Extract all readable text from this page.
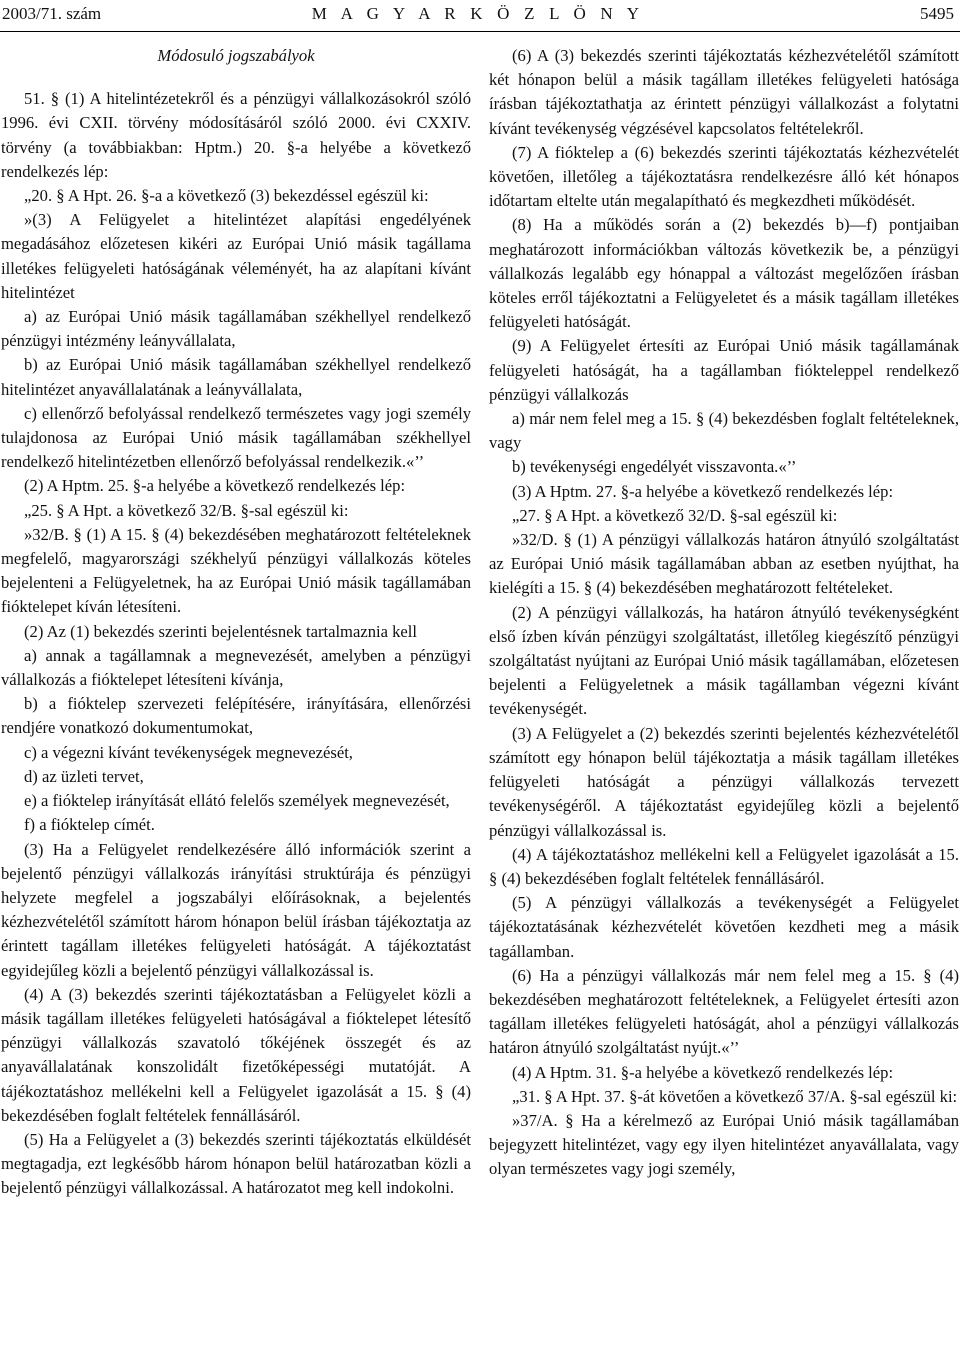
2003/71. szám	M A G Y A R K Ö Z L Ö N Y	5495

Módosuló jogszabályok

51. § (1) A hitelintézetekről és a pénzügyi vállalkozásokról szóló 1996. évi CXII. törvény módosításáról szóló 2000. évi CXXIV. törvény (a továbbiakban: Hptm.) 20. §-a helyébe a következő rendelkezés lép:

„20. § A Hpt. 26. §-a a következő (3) bekezdéssel egészül ki:

»(3) A Felügyelet a hitelintézet alapítási engedélyének megadásához előzetesen kikéri az Európai Unió másik tagállama illetékes felügyeleti hatóságának véleményét, ha az alapítani kívánt hitelintézet

a) az Európai Unió másik tagállamában székhellyel rendelkező pénzügyi intézmény leányvállalata,

b) az Európai Unió másik tagállamában székhellyel rendelkező hitelintézet anyavállalatának a leányvállalata,

c) ellenőrző befolyással rendelkező természetes vagy jogi személy tulajdonosa az Európai Unió másik tagállamában székhellyel rendelkező hitelintézetben ellenőrző befolyással rendelkezik.«’’

(2) A Hptm. 25. §-a helyébe a következő rendelkezés lép:

„25. § A Hpt. a következő 32/B. §-sal egészül ki:

»32/B. § (1) A 15. § (4) bekezdésében meghatározott feltételeknek megfelelő, magyarországi székhelyű pénzügyi vállalkozás köteles bejelenteni a Felügyeletnek, ha az Európai Unió másik tagállamában fióktelepet kíván létesíteni.

(2) Az (1) bekezdés szerinti bejelentésnek tartalmaznia kell

a) annak a tagállamnak a megnevezését, amelyben a pénzügyi vállalkozás a fióktelepet létesíteni kívánja,

b) a fióktelep szervezeti felépítésére, irányítására, ellenőrzési rendjére vonatkozó dokumentumokat,

c) a végezni kívánt tevékenységek megnevezését,

d) az üzleti tervet,

e) a fióktelep irányítását ellátó felelős személyek megnevezését,

f) a fióktelep címét.

(3) Ha a Felügyelet rendelkezésére álló információk szerint a bejelentő pénzügyi vállalkozás irányítási struktúrája és pénzügyi helyzete megfelel a jogszabályi előírásoknak, a bejelentés kézhezvételétől számított három hónapon belül írásban tájékoztatja az érintett tagállam illetékes felügyeleti hatóságát. A tájékoztatást egyidejűleg közli a bejelentő pénzügyi vállalkozással is.

(4) A (3) bekezdés szerinti tájékoztatásban a Felügyelet közli a másik tagállam illetékes felügyeleti hatóságával a fióktelepet létesítő pénzügyi vállalkozás szavatoló tőkéjének összegét és az anyavállalatának konszolidált fizetőképességi mutatóját. A tájékoztatáshoz mellékelni kell a Felügyelet igazolását a 15. § (4) bekezdésében foglalt feltételek fennállásáról.

(5) Ha a Felügyelet a (3) bekezdés szerinti tájékoztatás elküldését megtagadja, ezt legkésőbb három hónapon belül határozatban közli a bejelentő pénzügyi vállalkozással. A határozatot meg kell indokolni.

(6) A (3) bekezdés szerinti tájékoztatás kézhezvételétől számított két hónapon belül a másik tagállam illetékes felügyeleti hatósága írásban tájékoztathatja az érintett pénzügyi vállalkozást a folytatni kívánt tevékenység végzésével kapcsolatos feltételekről.

(7) A fióktelep a (6) bekezdés szerinti tájékoztatás kézhezvételét követően, illetőleg a tájékoztatásra rendelkezésre álló két hónapos időtartam eltelte után megalapítható és megkezdheti működését.

(8) Ha a működés során a (2) bekezdés b)—f) pontjaiban meghatározott információkban változás következik be, a pénzügyi vállalkozás legalább egy hónappal a változást megelőzően írásban köteles erről tájékoztatni a Felügyeletet és a másik tagállam illetékes felügyeleti hatóságát.

(9) A Felügyelet értesíti az Európai Unió másik tagállamának felügyeleti hatóságát, ha a tagállamban fiókteleppel rendelkező pénzügyi vállalkozás

a) már nem felel meg a 15. § (4) bekezdésben foglalt feltételeknek, vagy

b) tevékenységi engedélyét visszavonta.«’’

(3) A Hptm. 27. §-a helyébe a következő rendelkezés lép:

„27. § A Hpt. a következő 32/D. §-sal egészül ki:

»32/D. § (1) A pénzügyi vállalkozás határon átnyúló szolgáltatást az Európai Unió másik tagállamában abban az esetben nyújthat, ha kielégíti a 15. § (4) bekezdésében meghatározott feltételeket.

(2) A pénzügyi vállalkozás, ha határon átnyúló tevékenységként első ízben kíván pénzügyi szolgáltatást, illetőleg kiegészítő pénzügyi szolgáltatást nyújtani az Európai Unió másik tagállamában, előzetesen bejelenti a Felügyeletnek a másik tagállamban végezni kívánt tevékenységét.

(3) A Felügyelet a (2) bekezdés szerinti bejelentés kézhezvételétől számított egy hónapon belül tájékoztatja a másik tagállam illetékes felügyeleti hatóságát a pénzügyi vállalkozás tervezett tevékenységéről. A tájékoztatást egyidejűleg közli a bejelentő pénzügyi vállalkozással is.

(4) A tájékoztatáshoz mellékelni kell a Felügyelet igazolását a 15. § (4) bekezdésében foglalt feltételek fennállásáról.

(5) A pénzügyi vállalkozás a tevékenységét a Felügyelet tájékoztatásának kézhezvételét követően kezdheti meg a másik tagállamban.

(6) Ha a pénzügyi vállalkozás már nem felel meg a 15. § (4) bekezdésében meghatározott feltételeknek, a Felügyelet értesíti azon tagállam illetékes felügyeleti hatóságát, ahol a pénzügyi vállalkozás határon átnyúló szolgáltatást nyújt.«’’

(4) A Hptm. 31. §-a helyébe a következő rendelkezés lép:

„31. § A Hpt. 37. §-át követően a következő 37/A. §-sal egészül ki:

»37/A. § Ha a kérelmező az Európai Unió másik tagállamában bejegyzett hitelintézet, vagy egy ilyen hitelintézet anyavállalata, vagy olyan természetes vagy jogi személy,
